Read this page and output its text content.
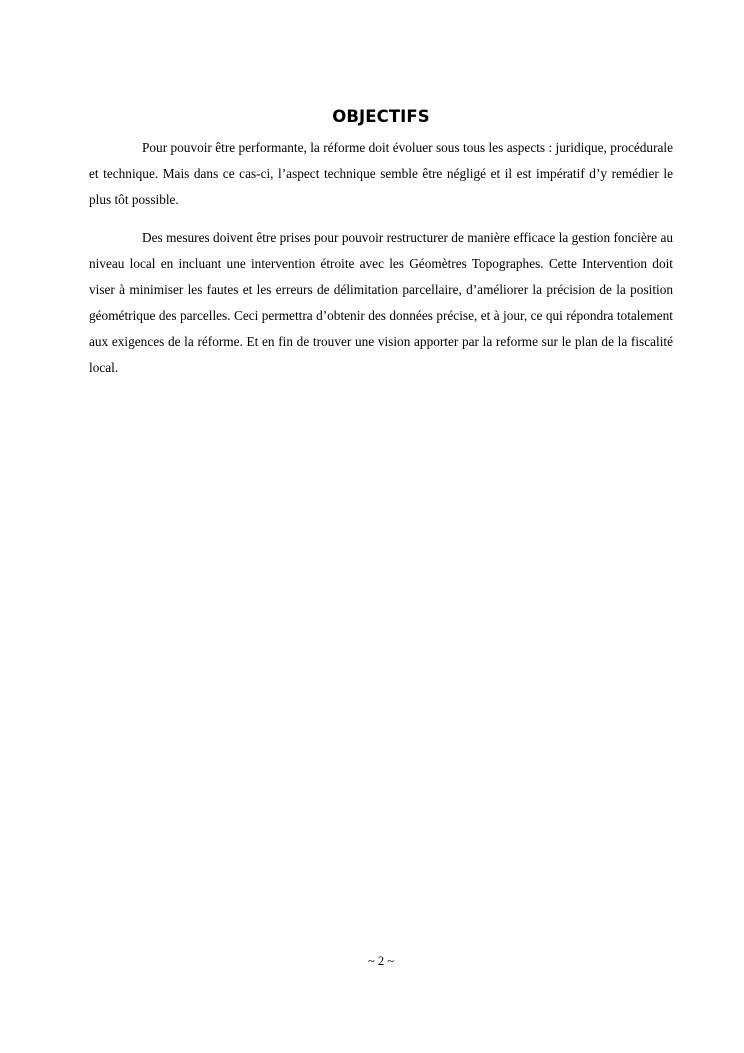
OBJECTIFS

Pour pouvoir être performante, la réforme doit évoluer sous tous les aspects : juridique, procédurale et technique. Mais dans ce cas-ci, l’aspect technique semble être négligé et il est impératif d’y remédier le plus tôt possible.

Des mesures doivent être prises pour pouvoir restructurer de manière efficace la gestion foncière au niveau local en incluant une intervention étroite avec les Géomètres Topographes. Cette Intervention doit viser à minimiser les fautes et les erreurs de délimitation parcellaire, d’améliorer la précision de la position géométrique des parcelles. Ceci permettra d’obtenir des données précise, et à jour, ce qui répondra totalement aux exigences de la réforme. Et en fin de trouver une vision apporter par la reforme sur le plan de la fiscalité local.

~ 2 ~
